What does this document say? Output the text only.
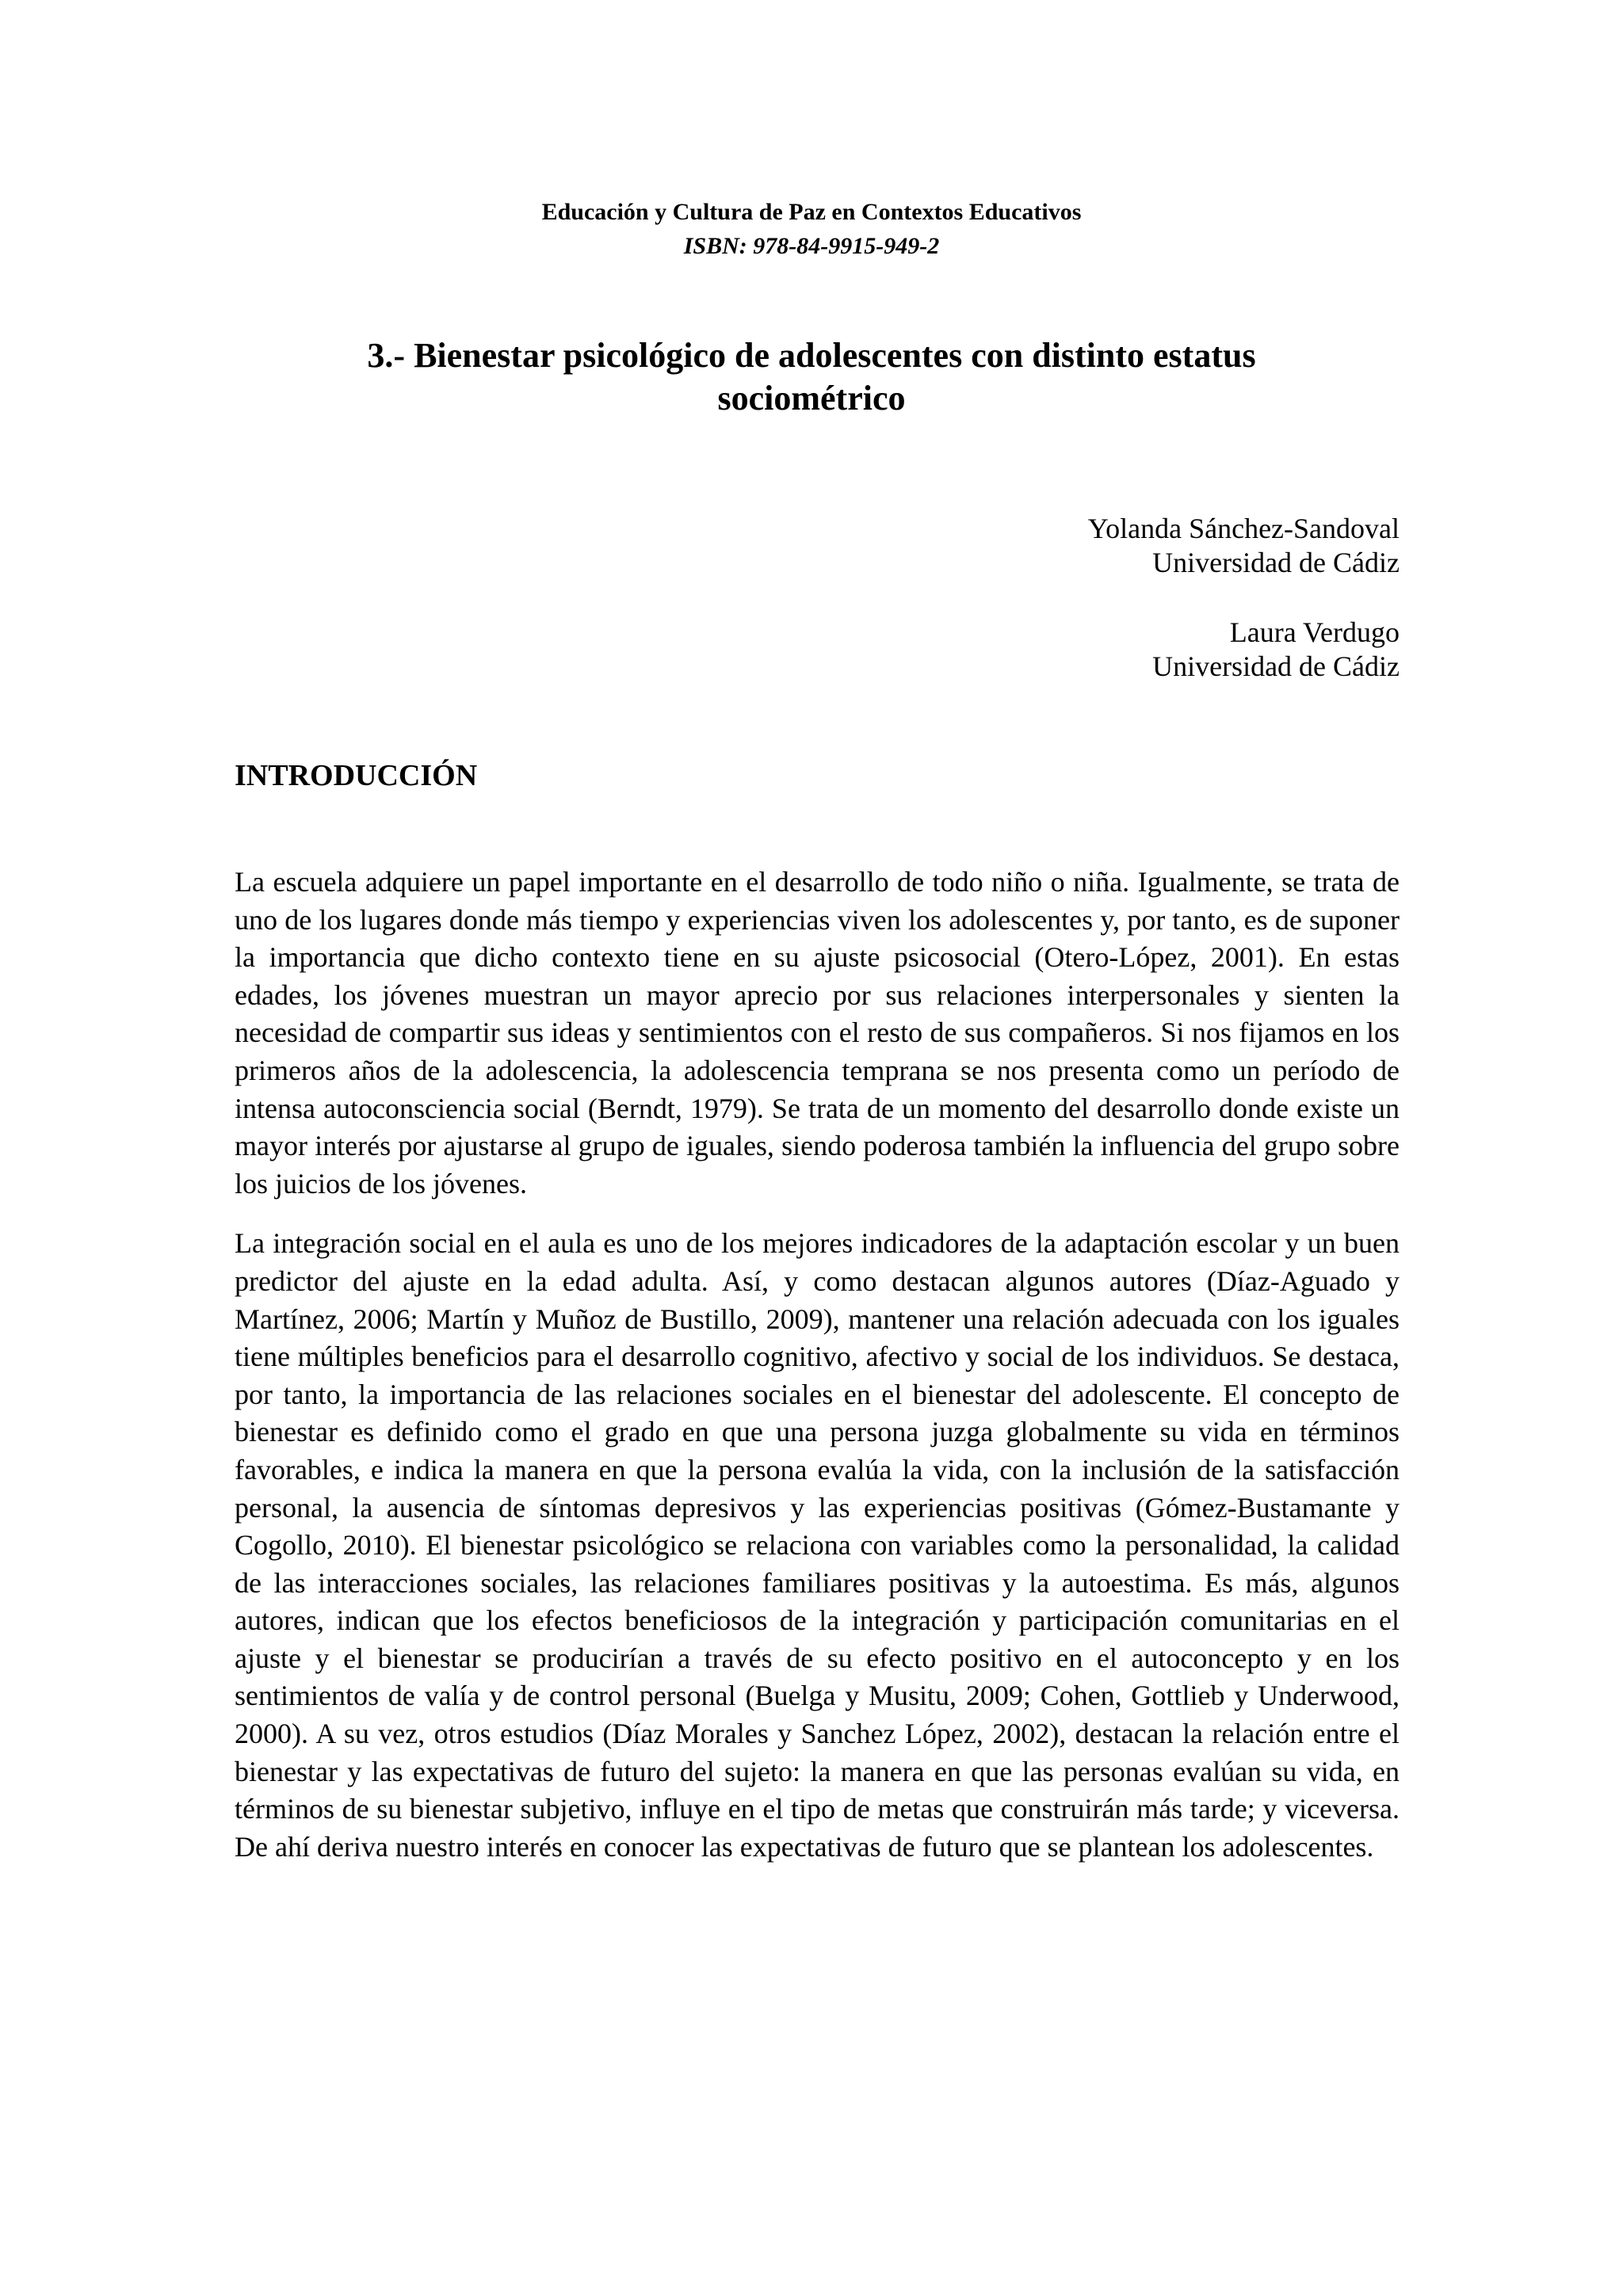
Educación y Cultura de Paz en Contextos Educativos
ISBN: 978-84-9915-949-2
3.- Bienestar psicológico de adolescentes con distinto estatus
sociométrico
Yolanda Sánchez-Sandoval
Universidad de Cádiz
Laura Verdugo
Universidad de Cádiz
INTRODUCCIÓN

La escuela adquiere un papel importante en el desarrollo de todo niño o niña. Igualmente, se trata de uno de los lugares donde más tiempo y experiencias viven los adolescentes y, por tanto, es de suponer la importancia que dicho contexto tiene en su ajuste psicosocial (Otero-López, 2001). En estas edades, los jóvenes muestran un mayor aprecio por sus relaciones interpersonales y sienten la necesidad de compartir sus ideas y sentimientos con el resto de sus compañeros. Si nos fijamos en los primeros años de la adolescencia, la adolescencia temprana se nos presenta como un período de intensa autoconsciencia social (Berndt, 1979). Se trata de un momento del desarrollo donde existe un mayor interés por ajustarse al grupo de iguales, siendo poderosa también la influencia del grupo sobre los juicios de los jóvenes.

La integración social en el aula es uno de los mejores indicadores de la adaptación escolar y un buen predictor del ajuste en la edad adulta. Así, y como destacan algunos autores (Díaz-Aguado y Martínez, 2006; Martín y Muñoz de Bustillo, 2009), mantener una relación adecuada con los iguales tiene múltiples beneficios para el desarrollo cognitivo, afectivo y social de los individuos. Se destaca, por tanto, la importancia de las relaciones sociales en el bienestar del adolescente. El concepto de bienestar es definido como el grado en que una persona juzga globalmente su vida en términos favorables, e indica la manera en que la persona evalúa la vida, con la inclusión de la satisfacción personal, la ausencia de síntomas depresivos y las experiencias positivas (Gómez-Bustamante y Cogollo, 2010). El bienestar psicológico se relaciona con variables como la personalidad, la calidad de las interacciones sociales, las relaciones familiares positivas y la autoestima. Es más, algunos autores, indican que los efectos beneficiosos de la integración y participación comunitarias en el ajuste y el bienestar se producirían a través de su efecto positivo en el autoconcepto y en los sentimientos de valía y de control personal (Buelga y Musitu, 2009; Cohen, Gottlieb y Underwood, 2000). A su vez, otros estudios (Díaz Morales y Sanchez López, 2002), destacan la relación entre el bienestar y las expectativas de futuro del sujeto: la manera en que las personas evalúan su vida, en términos de su bienestar subjetivo, influye en el tipo de metas que construirán más tarde; y viceversa. De ahí deriva nuestro interés en conocer las expectativas de futuro que se plantean los adolescentes.
